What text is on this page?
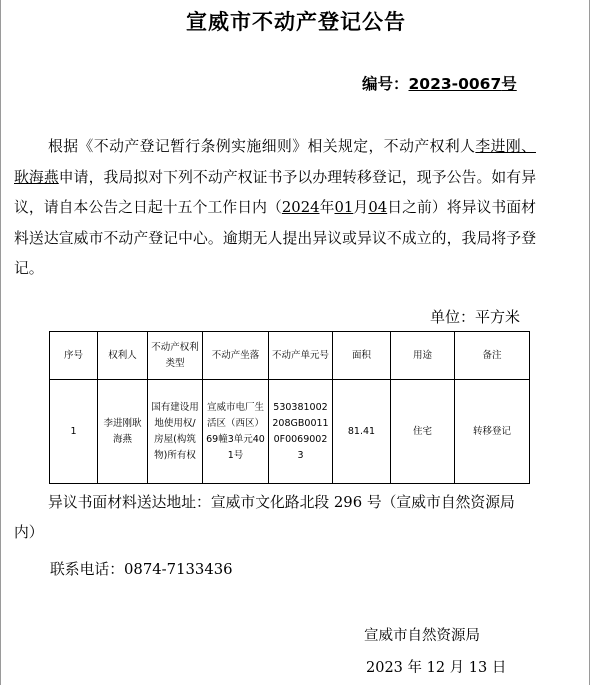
宣威市不动产登记公告
编号：2023-0067号

根据《不动产登记暂行条例实施细则》相关规定，不动产权利人李进刚、耿海燕申请，我局拟对下列不动产权证书予以办理转移登记，现予公告。如有异议，请自本公告之日起十五个工作日内（2024年01月04日之前）将异议书面材料送达宣威市不动产登记中心。逾期无人提出异议或异议不成立的，我局将予登记。

单位：平方米
序号	权利人	不动产权利类型	不动产坐落	不动产单元号	面积	用途	备注
1	李进刚耿海燕	国有建设用地使用权/房屋(构筑物)所有权	宣威市电厂生活区（西区）69幢3单元401号	530381002208GB00110F00690023	81.41	住宅	转移登记

异议书面材料送达地址：宣威市文化路北段 296 号（宣威市自然资源局内）

联系电话：0874-7133436
宣威市自然资源局
2023 年 12 月 13 日
